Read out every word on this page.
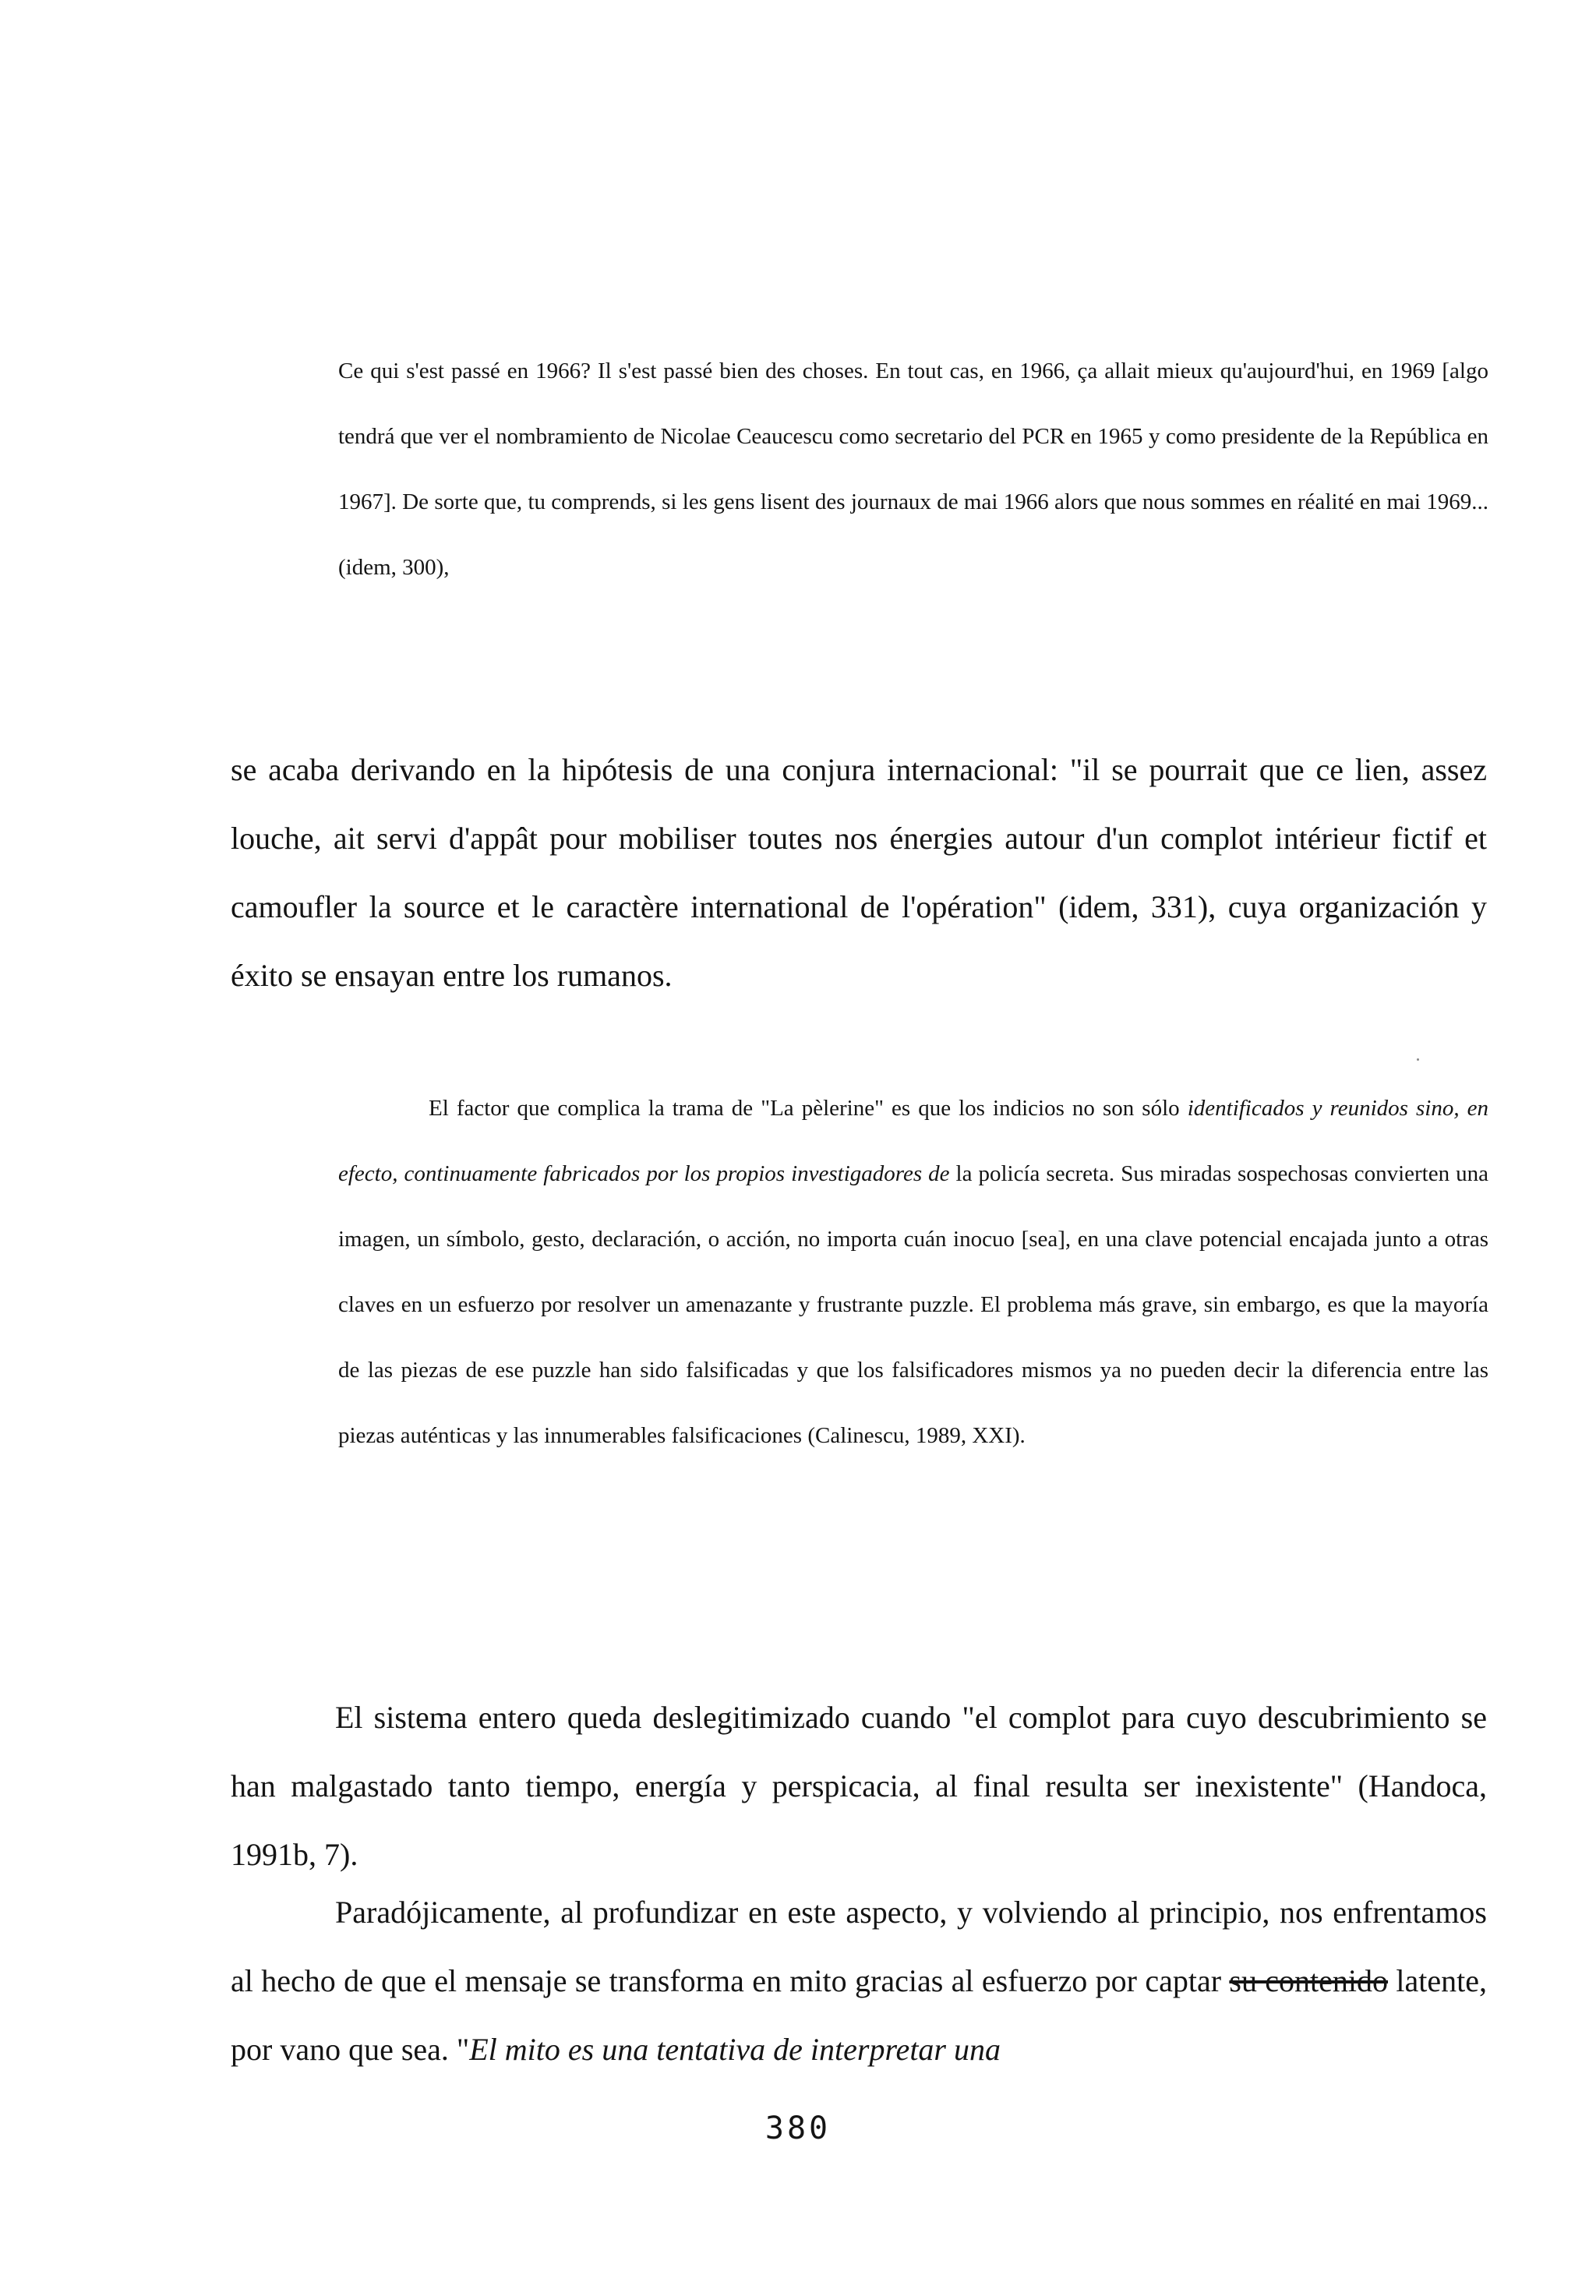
Ce qui s'est passé en 1966? Il s'est passé bien des choses. En tout cas, en 1966, ça allait mieux qu'aujourd'hui, en 1969 [algo tendrá que ver el nombramiento de Nicolae Ceaucescu como secretario del PCR en 1965 y como presidente de la República en 1967]. De sorte que, tu comprends, si les gens lisent des journaux de mai 1966 alors que nous sommes en réalité en mai 1969... (idem, 300),

se acaba derivando en la hipótesis de una conjura internacional: "il se pourrait que ce lien, assez louche, ait servi d'appât pour mobiliser toutes nos énergies autour d'un complot intérieur fictif et camoufler la source et le caractère international de l'opération" (idem, 331), cuya organización y éxito se ensayan entre los rumanos.

El factor que complica la trama de "La pèlerine" es que los indicios no son sólo identificados y reunidos sino, en efecto, continuamente fabricados por los propios investigadores de la policía secreta. Sus miradas sospechosas convierten una imagen, un símbolo, gesto, declaración, o acción, no importa cuán inocuo [sea], en una clave potencial encajada junto a otras claves en un esfuerzo por resolver un amenazante y frustrante puzzle. El problema más grave, sin embargo, es que la mayoría de las piezas de ese puzzle han sido falsificadas y que los falsificadores mismos ya no pueden decir la diferencia entre las piezas auténticas y las innumerables falsificaciones (Calinescu, 1989, XXI).

El sistema entero queda deslegitimizado cuando "el complot para cuyo descubrimiento se han malgastado tanto tiempo, energía y perspicacia, al final resulta ser inexistente" (Handoca, 1991b, 7).

Paradójicamente, al profundizar en este aspecto, y volviendo al principio, nos enfrentamos al hecho de que el mensaje se transforma en mito gracias al esfuerzo por captar su contenido latente, por vano que sea. "El mito es una tentativa de interpretar una

380
